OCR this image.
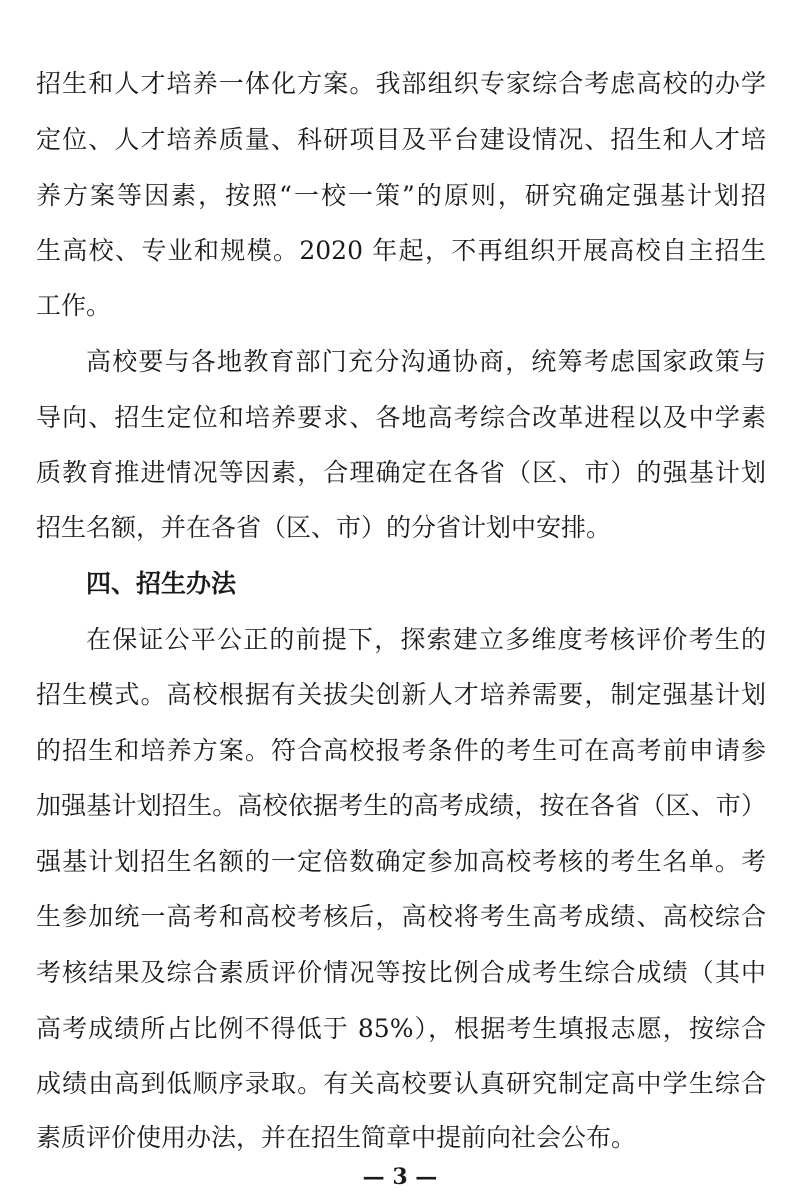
招生和人才培养一体化方案。我部组织专家综合考虑高校的办学
定位、人才培养质量、科研项目及平台建设情况、招生和人才培
养方案等因素，按照“一校一策”的原则，研究确定强基计划招
生高校、专业和规模。2020 年起，不再组织开展高校自主招生
工作。
高校要与各地教育部门充分沟通协商，统筹考虑国家政策与
导向、招生定位和培养要求、各地高考综合改革进程以及中学素
质教育推进情况等因素，合理确定在各省（区、市）的强基计划
招生名额，并在各省（区、市）的分省计划中安排。
四、招生办法
在保证公平公正的前提下，探索建立多维度考核评价考生的
招生模式。高校根据有关拔尖创新人才培养需要，制定强基计划
的招生和培养方案。符合高校报考条件的考生可在高考前申请参
加强基计划招生。高校依据考生的高考成绩，按在各省（区、市）
强基计划招生名额的一定倍数确定参加高校考核的考生名单。考
生参加统一高考和高校考核后，高校将考生高考成绩、高校综合
考核结果及综合素质评价情况等按比例合成考生综合成绩（其中
高考成绩所占比例不得低于 85%），根据考生填报志愿，按综合
成绩由高到低顺序录取。有关高校要认真研究制定高中学生综合
素质评价使用办法，并在招生简章中提前向社会公布。
— 3 —
